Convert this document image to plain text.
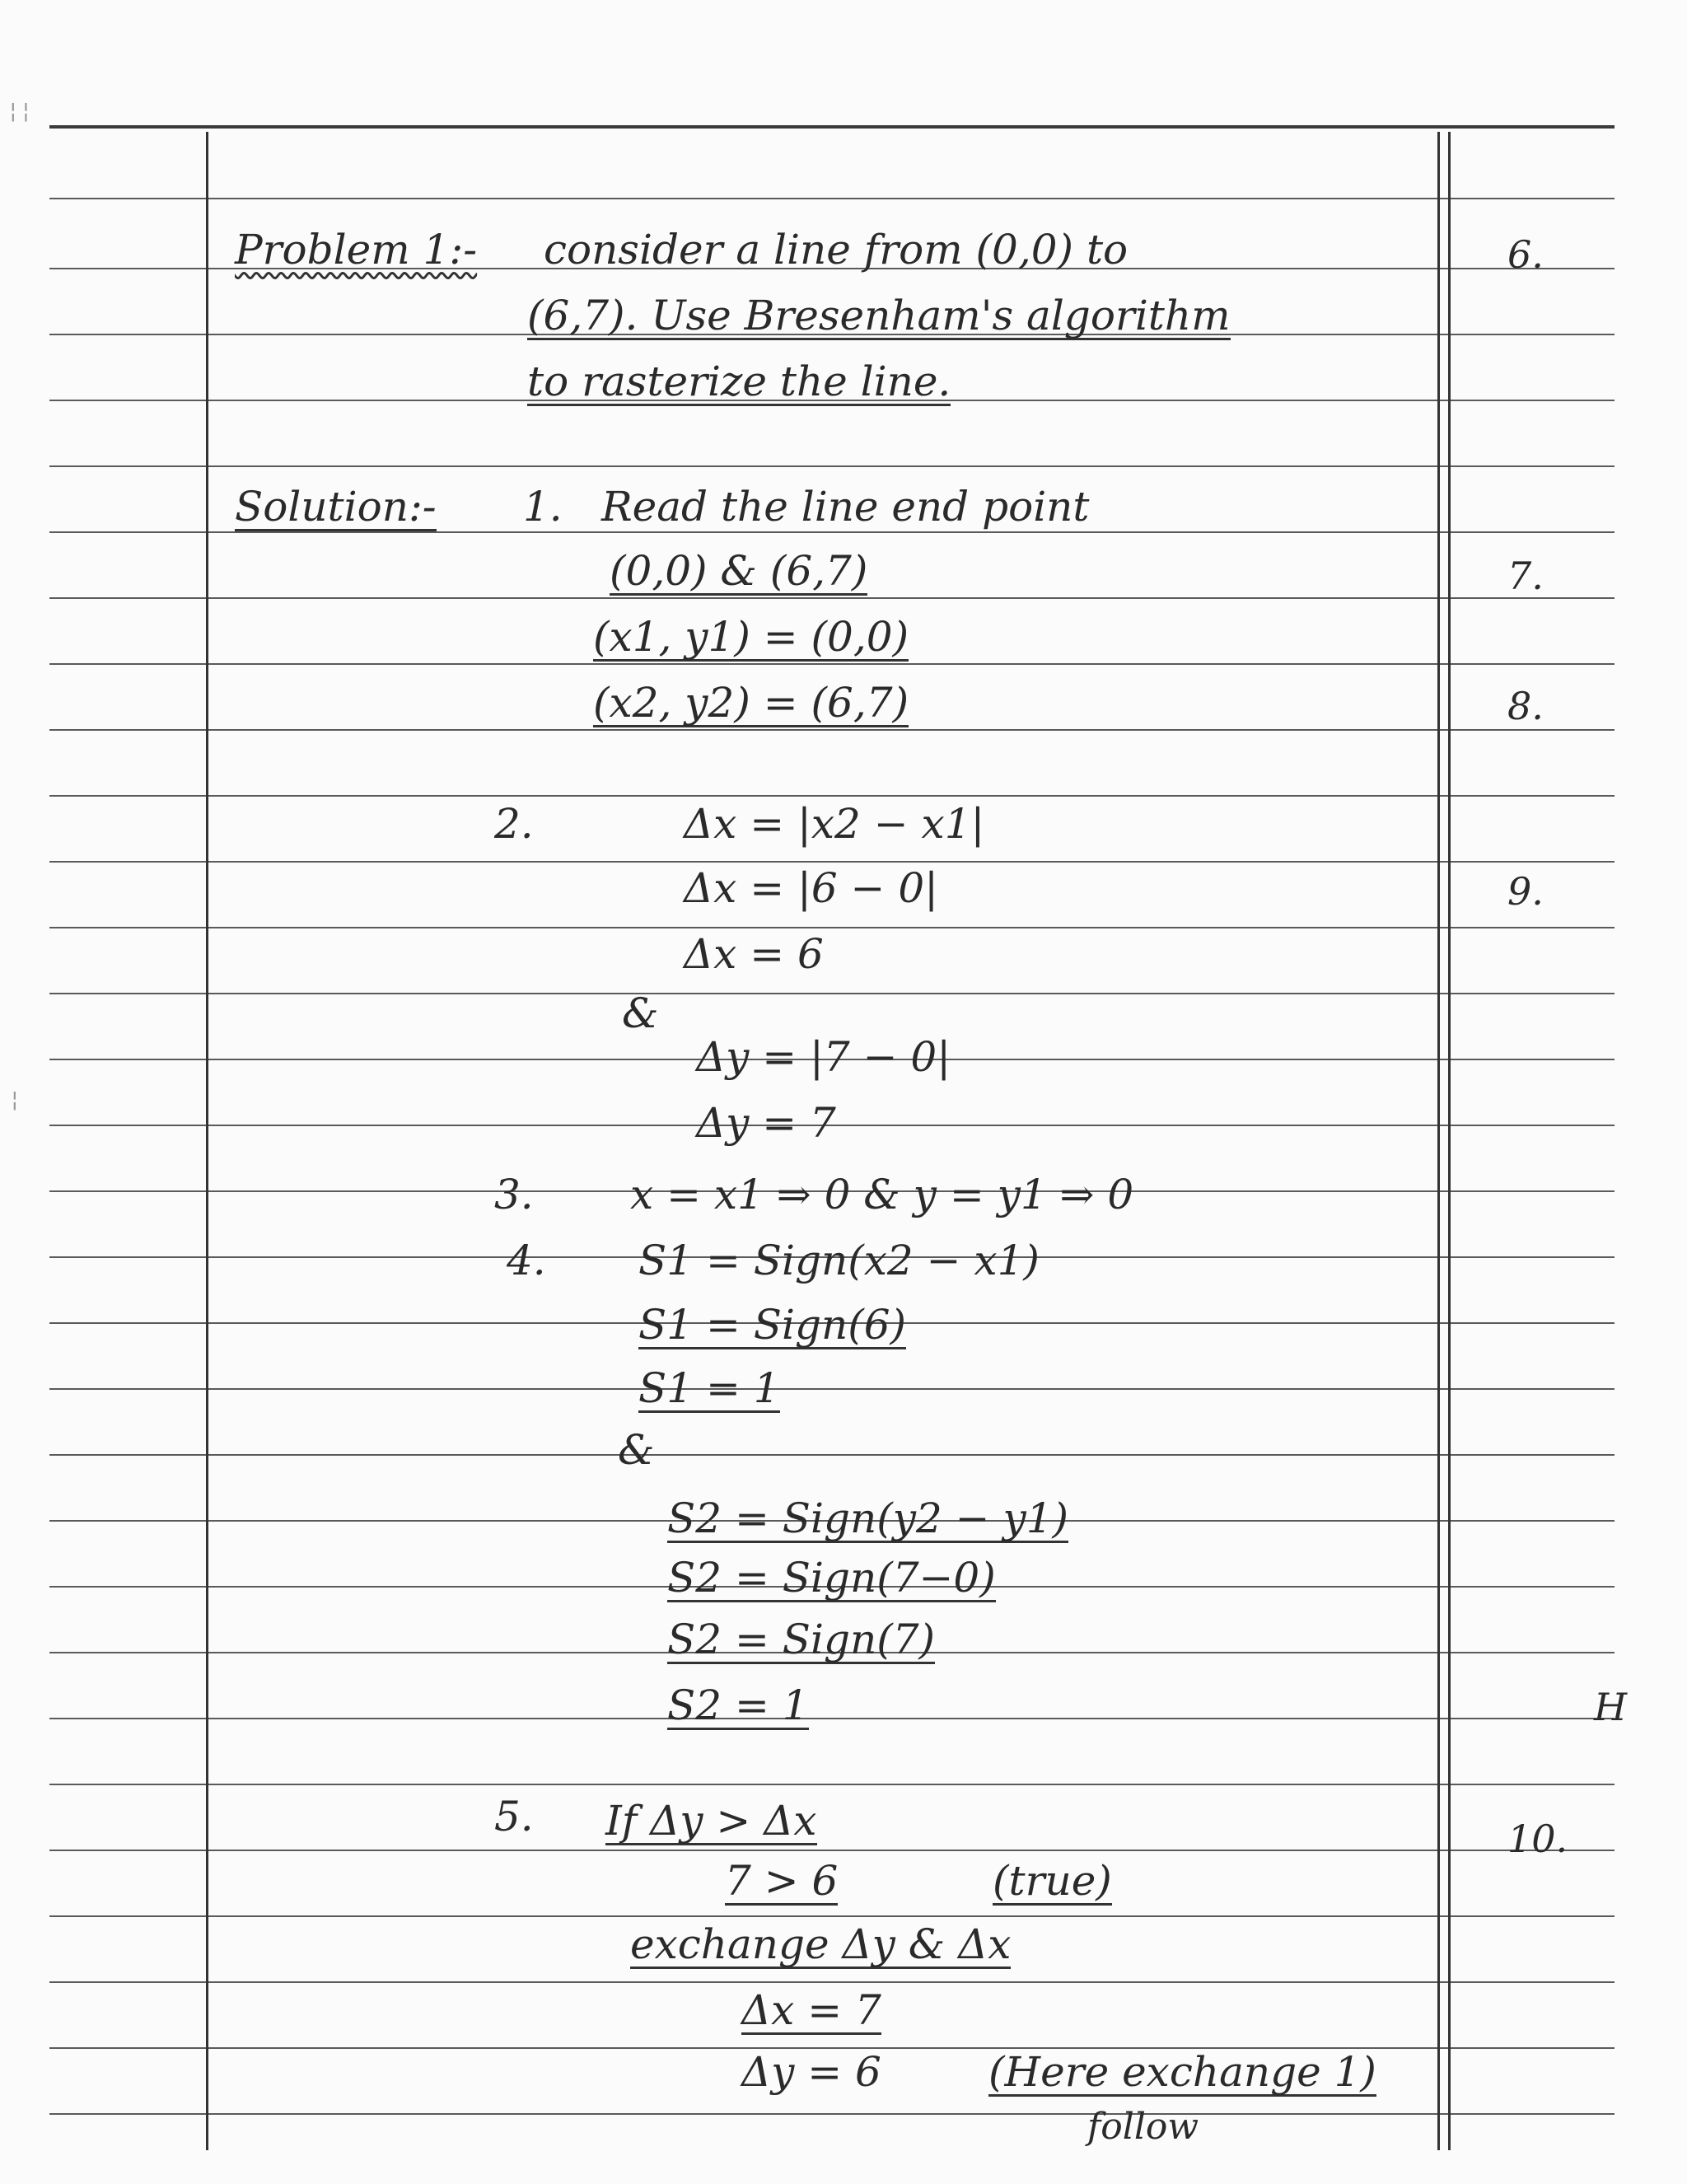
¦¦
¦
Problem 1:- consider a line from (0,0) to
(6,7). Use Bresenham's algorithm
to rasterize the line.
Solution:- 1. Read the line end point
(0,0) & (6,7)
(x1, y1) = (0,0)
(x2, y2) = (6,7)
2.	Δx = |x2 − x1|
Δx = |6 − 0|
Δx = 6
&
Δy = |7 − 0|
Δy = 7
3. x = x1 ⇒ 0 & y = y1 ⇒ 0
4. S1 = Sign(x2 − x1)
S1 = Sign(6)
S1 = 1
&
S2 = Sign(y2 − y1)
S2 = Sign(7−0)
S2 = Sign(7)
S2 = 1
5. If Δy > Δx
7 > 6	(true)
exchange Δy & Δx
Δx = 7
Δy = 6	(Here exchange 1)
follow
6.
7.
8.
9.
H
10.
